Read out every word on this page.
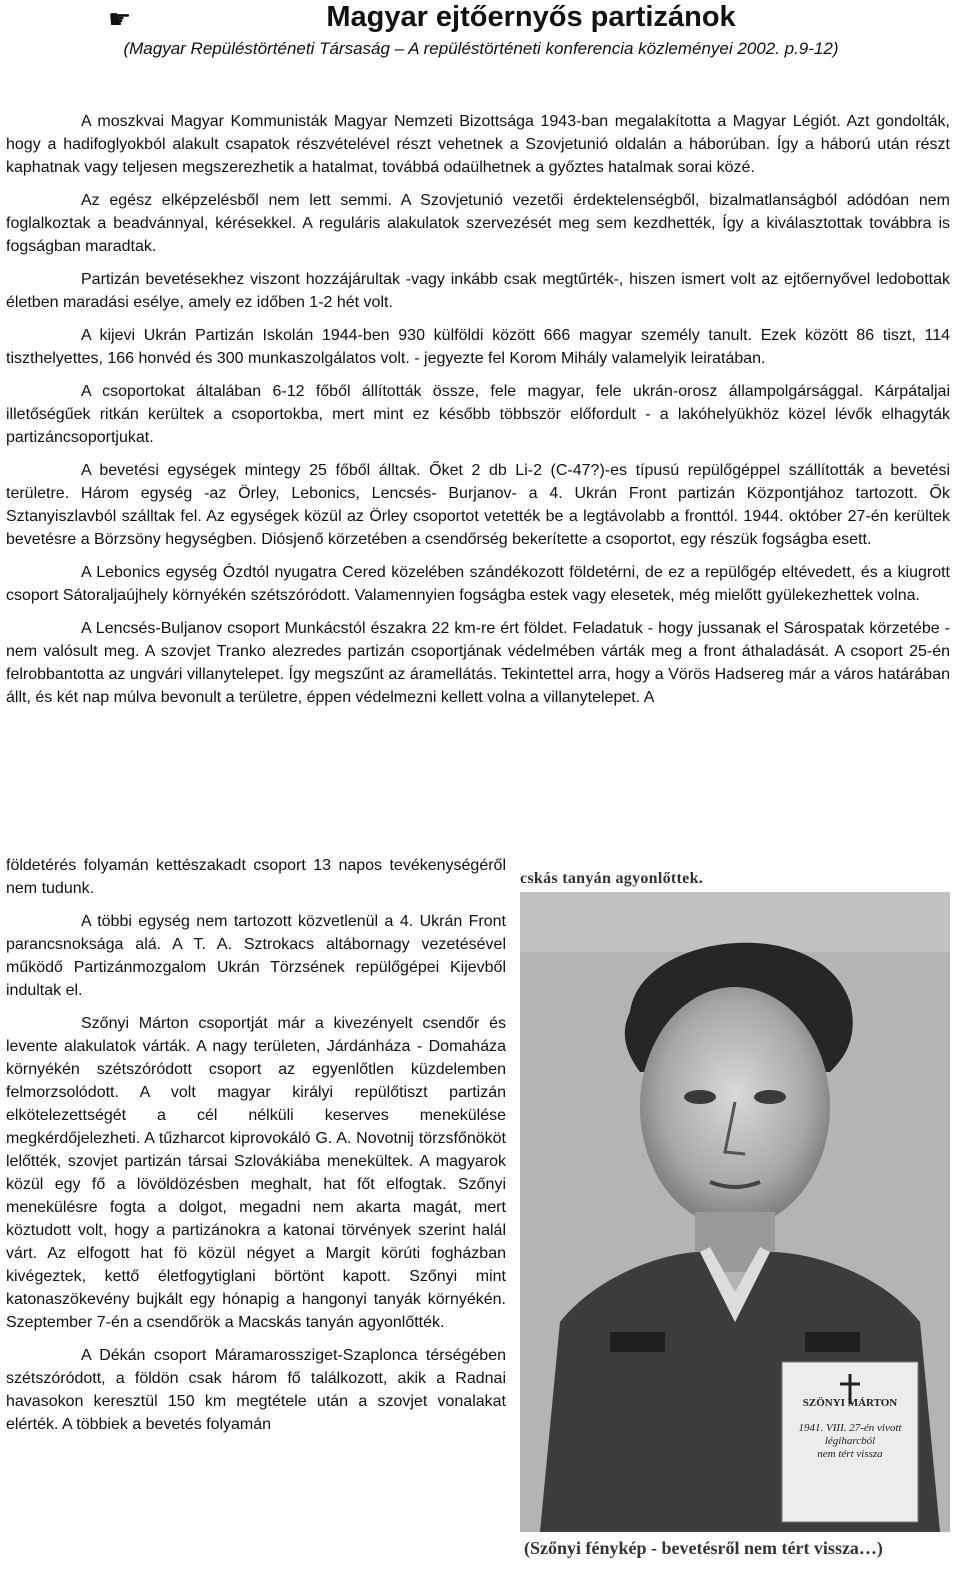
☛	Magyar ejtőernyős partizánok
(Magyar Repüléstörténeti Társaság – A repüléstörténeti konferencia közleményei 2002. p.9-12)

A moszkvai Magyar Kommunisták Magyar Nemzeti Bizottsága 1943-ban megalakította a Magyar Légiót. Azt gondolták, hogy a hadifoglyokból alakult csapatok részvételével részt vehetnek a Szovjetunió oldalán a háborúban. Így a háború után részt kaphatnak vagy teljesen megszerezhetik a hatalmat, továbbá odaülhetnek a győztes hatalmak sorai közé.

Az egész elképzelésből nem lett semmi. A Szovjetunió vezetői érdektelenségből, bizalmatlanságból adódóan nem foglalkoztak a beadvánnyal, kérésekkel. A reguláris alakulatok szervezését meg sem kezdhették, Így a kiválasztottak továbbra is fogságban maradtak.

Partizán bevetésekhez viszont hozzájárultak -vagy inkább csak megtűrték-, hiszen ismert volt az ejtőernyővel ledobottak életben maradási esélye, amely ez időben 1-2 hét volt.

A kijevi Ukrán Partizán Iskolán 1944-ben 930 külföldi között 666 magyar személy tanult. Ezek között 86 tiszt, 114 tiszthelyettes, 166 honvéd és 300 munkaszolgálatos volt. - jegyezte fel Korom Mihály valamelyik leiratában.

A csoportokat általában 6-12 főből állították össze, fele magyar, fele ukrán-orosz állampolgársággal. Kárpátaljai illetőségűek ritkán kerültek a csoportokba, mert mint ez később többször előfordult - a lakóhelyükhöz közel lévők elhagyták partizáncsoportjukat.

A bevetési egységek mintegy 25 főből álltak. Őket 2 db Li-2 (C-47?)-es típusú repülőgéppel szállították a bevetési területre. Három egység -az Örley, Lebonics, Lencsés- Burjanov- a 4. Ukrán Front partizán Központjához tartozott. Ők Sztanyiszlavból szálltak fel. Az egységek közül az Örley csoportot vetették be a legtávolabb a fronttól. 1944. október 27-én kerültek bevetésre a Börzsöny hegységben. Diósjenő körzetében a csendőrség bekerítette a csoportot, egy részük fogságba esett.

A Lebonics egység Ózdtól nyugatra Cered közelében szándékozott földetérni, de ez a repülőgép eltévedett, és a kiugrott csoport Sátoraljaújhely környékén szétszóródott. Valamennyien fogságba estek vagy elesetek, még mielőtt gyülekezhettek volna.

A Lencsés-Buljanov csoport Munkácstól északra 22 km-re ért földet. Feladatuk - hogy jussanak el Sárospatak körzetébe - nem valósult meg. A szovjet Tranko alezredes partizán csoportjának védelmében várták meg a front áthaladását. A csoport 25-én felrobbantotta az ungvári villanytelepet. Így megszűnt az áramellátás. Tekintettel arra, hogy a Vörös Hadsereg már a város határában állt, és két nap múlva bevonult a területre, éppen védelmezni kellett volna a villanytelepet. A

földetérés folyamán kettészakadt csoport 13 napos tevékenységéről nem tudunk.

A többi egység nem tartozott közvetlenül a 4. Ukrán Front parancsnoksága alá. A T. A. Sztrokacs altábornagy vezetésével működő Partizánmozgalom Ukrán Törzsének repülőgépei Kijevből indultak el.

Szőnyi Márton csoportját már a kivezényelt csendőr és levente alakulatok várták. A nagy területen, Járdánháza - Domaháza környékén szétszóródott csoport az egyenlőtlen küzdelemben felmorzsolódott. A volt magyar királyi repülőtiszt partizán elkötelezettségét a cél nélküli keserves menekülése megkérdőjelezheti. A tűzharcot kiprovokáló G. A. Novotnij törzsfőnököt lelőtték, szovjet partizán társai Szlovákiába menekültek. A magyarok közül egy fő a lövöldözésben meghalt, hat főt elfogtak. Szőnyi menekülésre fogta a dolgot, megadni nem akarta magát, mert köztudott volt, hogy a partizánokra a katonai törvények szerint halál várt. Az elfogott hat fö közül négyet a Margit körúti fogházban kivégeztek, kettő életfogytiglani börtönt kapott. Szőnyi mint katonaszökevény bujkált egy hónapig a hangonyi tanyák környékén. Szeptember 7-én a csendőrök a Macskás tanyán agyonlőtték.

A Dékán csoport Máramarossziget-Szaplonca térségében szétszóródott, a földön csak három fő találkozott, akik a Radnai havasokon keresztül 150 km megtétele után a szovjet vonalakat elérték. A többiek a bevetés folyamán

cskás tanyán agyonlőttek.
SZÖNYI MÁRTON
1941. VIII. 27-én vivott légiharcból
nem tért vissza
(Szőnyi fénykép - bevetésről nem tért vissza…)
